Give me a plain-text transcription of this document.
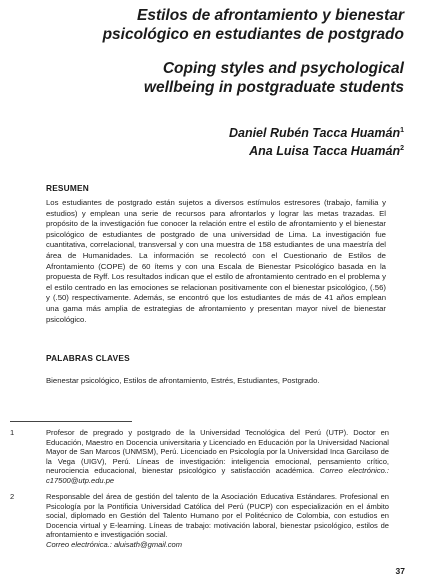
Estilos de afrontamiento y bienestar
psicológico en estudiantes de postgrado
Coping styles and psychological
wellbeing in postgraduate students
Daniel Rubén Tacca Huamán$^1$
Ana Luisa Tacca Huamán$^2$
RESUMEN

Los estudiantes de postgrado están sujetos a diversos estímulos estresores (trabajo, familia y estudios) y emplean una serie de recursos para afrontarlos y lograr las metas trazadas. El propósito de la investigación fue conocer la relación entre el estilo de afrontamiento y el bienestar psicológico de estudiantes de postgrado de una universidad de Lima. La investigación fue cuantitativa, correlacional, transversal y con una muestra de 158 estudiantes de una maestría del área de Humanidades. La información se recolectó con el Cuestionario de Estilos de Afrontamiento (COPE) de 60 ítems y con una Escala de Bienestar Psicológico basada en la propuesta de Ryff. Los resultados indican que el estilo de afrontamiento centrado en el problema y el estilo centrado en las emociones se relacionan positivamente con el bienestar psicológico, (.56) y (.50) respectivamente. Además, se encontró que los estudiantes de más de 41 años emplean una gama más amplia de estrategias de afrontamiento y presentan mayor nivel de bienestar psicológico.

PALABRAS CLAVES

Bienestar psicológico, Estilos de afrontamiento, Estrés, Estudiantes, Postgrado.

1	Profesor de pregrado y postgrado de la Universidad Tecnológica del Perú (UTP). Doctor en Educación, Maestro en Docencia universitaria y Licenciado en Educación por la Universidad Nacional Mayor de San Marcos (UNMSM), Perú. Licenciado en Psicología por la Universidad Inca Garcilaso de la Vega (UIGV), Perú. Líneas de investigación: inteligencia emocional, pensamiento crítico, neurociencia educacional, bienestar psicológico y satisfacción académica. Correo electrónico.: c17500@utp.edu.pe

2	Responsable del área de gestión del talento de la Asociación Educativa Estándares. Profesional en Psicología por la Pontificia Universidad Católica del Perú (PUCP) con especialización en el ámbito social, diplomado en Gestión del Talento Humano por el Politécnico de Colombia, con estudios en Docencia virtual y E-learning. Líneas de trabajo: motivación laboral, bienestar psicológico, estilos de afrontamiento e investigación social.
Correo electrónica.: aluisath@gmail.com

37
